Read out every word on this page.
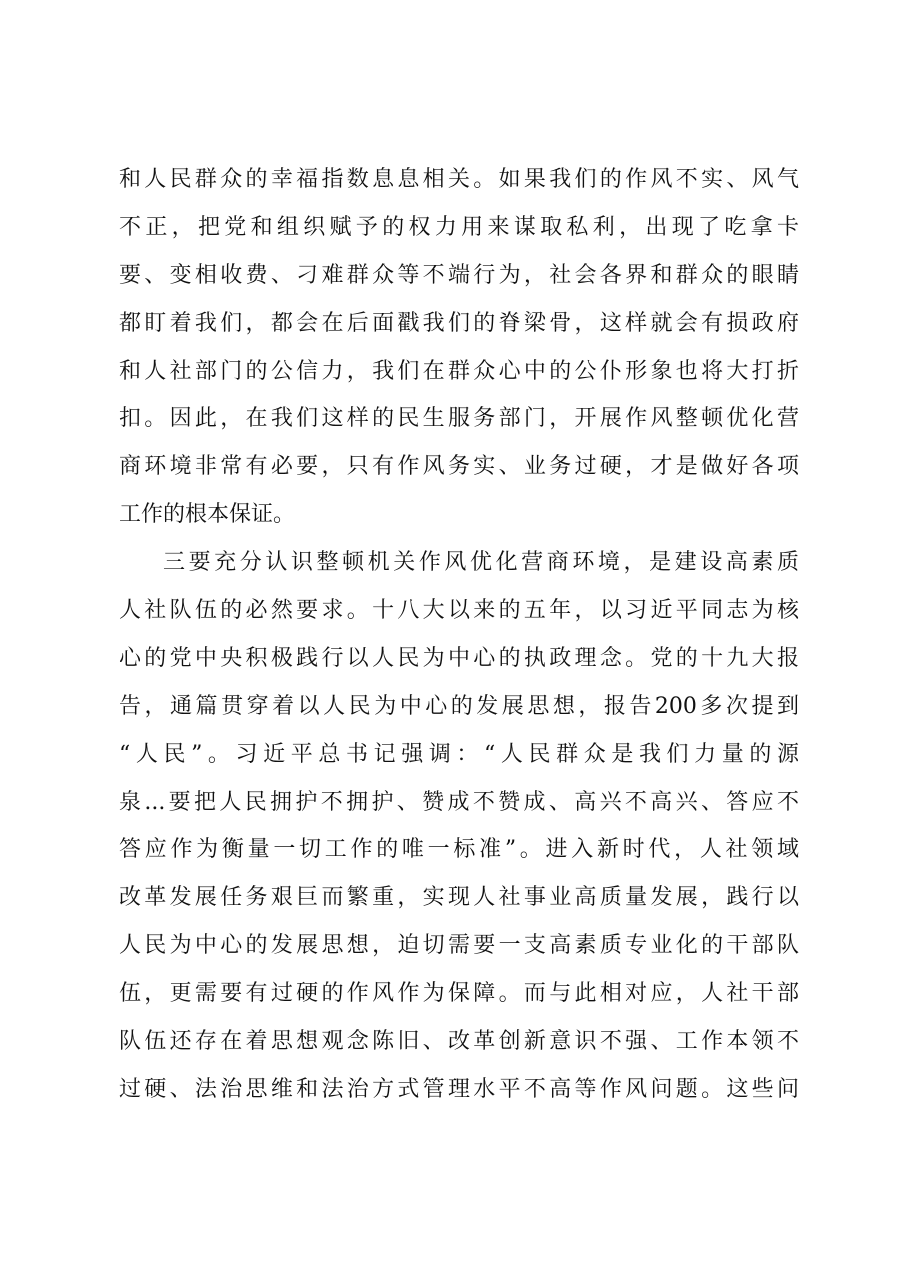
和人民群众的幸福指数息息相关。如果我们的作风不实、风气
不正，把党和组织赋予的权力用来谋取私利，出现了吃拿卡
要、变相收费、刁难群众等不端行为，社会各界和群众的眼睛
都盯着我们，都会在后面戳我们的脊梁骨，这样就会有损政府
和人社部门的公信力，我们在群众心中的公仆形象也将大打折
扣。因此，在我们这样的民生服务部门，开展作风整顿优化营
商环境非常有必要，只有作风务实、业务过硬，才是做好各项
工作的根本保证。
三要充分认识整顿机关作风优化营商环境，是建设高素质
人社队伍的必然要求。十八大以来的五年，以习近平同志为核
心的党中央积极践行以人民为中心的执政理念。党的十九大报
告，通篇贯穿着以人民为中心的发展思想，报告200多次提到
“人民”。习近平总书记强调：“人民群众是我们力量的源
泉...要把人民拥护不拥护、赞成不赞成、高兴不高兴、答应不
答应作为衡量一切工作的唯一标准”。进入新时代，人社领域
改革发展任务艰巨而繁重，实现人社事业高质量发展，践行以
人民为中心的发展思想，迫切需要一支高素质专业化的干部队
伍，更需要有过硬的作风作为保障。而与此相对应，人社干部
队伍还存在着思想观念陈旧、改革创新意识不强、工作本领不
过硬、法治思维和法治方式管理水平不高等作风问题。这些问
